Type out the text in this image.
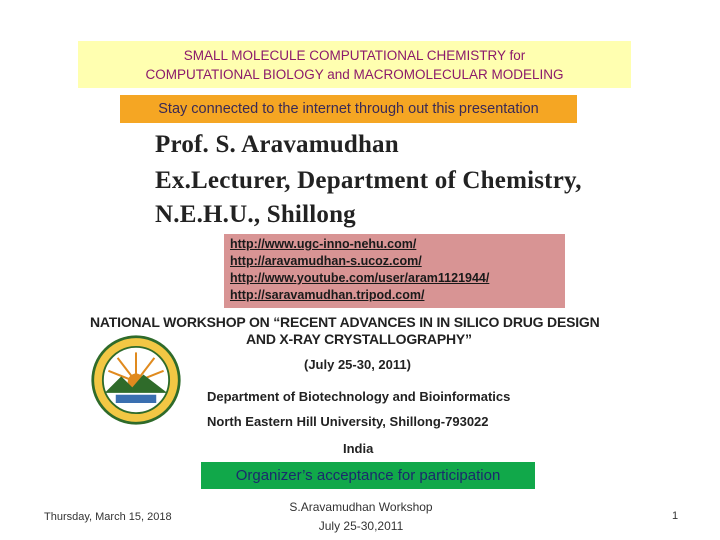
SMALL MOLECULE COMPUTATIONAL CHEMISTRY for
COMPUTATIONAL BIOLOGY and MACROMOLECULAR MODELING
Stay connected to the internet through out this presentation
Prof. S. Aravamudhan
Ex.Lecturer, Department of Chemistry,
N.E.H.U., Shillong
http://www.ugc-inno-nehu.com/
http://aravamudhan-s.ucoz.com/
http://www.youtube.com/user/aram1121944/
http://saravamudhan.tripod.com/
NATIONAL WORKSHOP ON “RECENT ADVANCES IN IN SILICO DRUG DESIGN
AND X-RAY CRYSTALLOGRAPHY”
(July 25-30, 2011)
Department of Biotechnology and Bioinformatics
North Eastern Hill University, Shillong-793022
India
Organizer’s acceptance for participation
Thursday, March 15, 2018
S.Aravamudhan Workshop
July 25-30,2011
1
